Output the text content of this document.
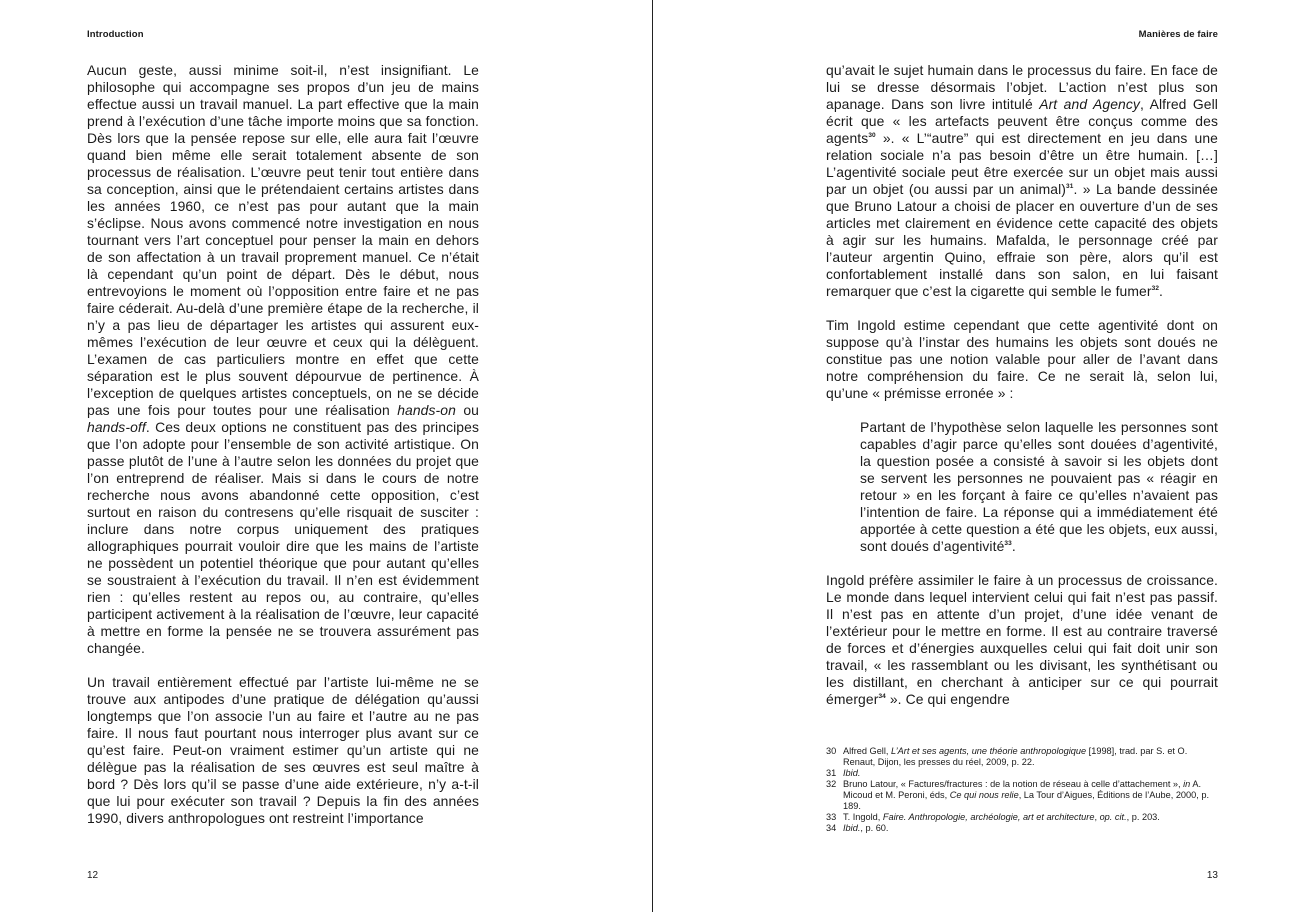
Introduction

Aucun geste, aussi minime soit-il, n’est insignifiant. Le philosophe qui accompagne ses propos d’un jeu de mains effectue aussi un travail manuel. La part effective que la main prend à l’exécution d’une tâche importe moins que sa fonction. Dès lors que la pensée repose sur elle, elle aura fait l’œuvre quand bien même elle serait totalement absente de son processus de réalisation. L’œuvre peut tenir tout entière dans sa conception, ainsi que le prétendaient certains artistes dans les années 1960, ce n’est pas pour autant que la main s’éclipse. Nous avons commencé notre investigation en nous tournant vers l’art conceptuel pour penser la main en dehors de son affectation à un travail proprement manuel. Ce n’était là cependant qu’un point de départ. Dès le début, nous entrevoyions le moment où l’opposition entre faire et ne pas faire céderait. Au-delà d’une première étape de la recherche, il n’y a pas lieu de départager les artistes qui assurent eux-mêmes l’exécution de leur œuvre et ceux qui la délèguent. L’examen de cas particuliers montre en effet que cette séparation est le plus souvent dépourvue de pertinence. À l’exception de quelques artistes conceptuels, on ne se décide pas une fois pour toutes pour une réalisation hands-on ou hands-off. Ces deux options ne constituent pas des principes que l’on adopte pour l’ensemble de son activité artistique. On passe plutôt de l’une à l’autre selon les données du projet que l’on entreprend de réaliser. Mais si dans le cours de notre recherche nous avons abandonné cette opposition, c’est surtout en raison du contresens qu’elle risquait de susciter : inclure dans notre corpus uniquement des pratiques allographiques pourrait vouloir dire que les mains de l’artiste ne possèdent un potentiel théorique que pour autant qu’elles se soustraient à l’exécution du travail. Il n’en est évidemment rien : qu’elles restent au repos ou, au contraire, qu’elles participent activement à la réalisation de l’œuvre, leur capacité à mettre en forme la pensée ne se trouvera assurément pas changée.

Un travail entièrement effectué par l’artiste lui-même ne se trouve aux antipodes d’une pratique de délégation qu’aussi longtemps que l’on associe l’un au faire et l’autre au ne pas faire. Il nous faut pourtant nous interroger plus avant sur ce qu’est faire. Peut-on vraiment estimer qu’un artiste qui ne délègue pas la réalisation de ses œuvres est seul maître à bord ? Dès lors qu’il se passe d’une aide extérieure, n’y a-t-il que lui pour exécuter son travail ? Depuis la fin des années 1990, divers anthropologues ont restreint l’importance

12
Manières de faire

qu’avait le sujet humain dans le processus du faire. En face de lui se dresse désormais l’objet. L’action n’est plus son apanage. Dans son livre intitulé Art and Agency, Alfred Gell écrit que « les artefacts peuvent être conçus comme des agents$^{30}$ ». « L’“autre” qui est directement en jeu dans une relation sociale n’a pas besoin d’être un être humain. […] L’agentivité sociale peut être exercée sur un objet mais aussi par un objet (ou aussi par un animal)$^{31}$. » La bande dessinée que Bruno Latour a choisi de placer en ouverture d’un de ses articles met clairement en évidence cette capacité des objets à agir sur les humains. Mafalda, le personnage créé par l’auteur argentin Quino, effraie son père, alors qu’il est confortablement installé dans son salon, en lui faisant remarquer que c’est la cigarette qui semble le fumer$^{32}$.

Tim Ingold estime cependant que cette agentivité dont on suppose qu’à l’instar des humains les objets sont doués ne constitue pas une notion valable pour aller de l’avant dans notre compréhension du faire. Ce ne serait là, selon lui, qu’une « prémisse erronée » :

Partant de l’hypothèse selon laquelle les personnes sont capables d’agir parce qu’elles sont douées d’agentivité, la question posée a consisté à savoir si les objets dont se servent les personnes ne pouvaient pas « réagir en retour » en les forçant à faire ce qu’elles n’avaient pas l’intention de faire. La réponse qui a immédiatement été apportée à cette question a été que les objets, eux aussi, sont doués d’agentivité$^{33}$.

Ingold préfère assimiler le faire à un processus de croissance. Le monde dans lequel intervient celui qui fait n’est pas passif. Il n’est pas en attente d’un projet, d’une idée venant de l’extérieur pour le mettre en forme. Il est au contraire traversé de forces et d’énergies auxquelles celui qui fait doit unir son travail, « les rassemblant ou les divisant, les synthétisant ou les distillant, en cherchant à anticiper sur ce qui pourrait émerger$^{34}$ ». Ce qui engendre

30 Alfred Gell, L’Art et ses agents, une théorie anthropologique [1998], trad. par S. et O. Renaut, Dijon, les presses du réel, 2009, p. 22.
31 Ibid.
32 Bruno Latour, « Factures/fractures : de la notion de réseau à celle d’attachement », in A. Micoud et M. Peroni, éds, Ce qui nous relie, La Tour d’Aigues, Éditions de l’Aube, 2000, p. 189.
33 T. Ingold, Faire. Anthropologie, archéologie, art et architecture, op. cit., p. 203.
34 Ibid., p. 60.
13
